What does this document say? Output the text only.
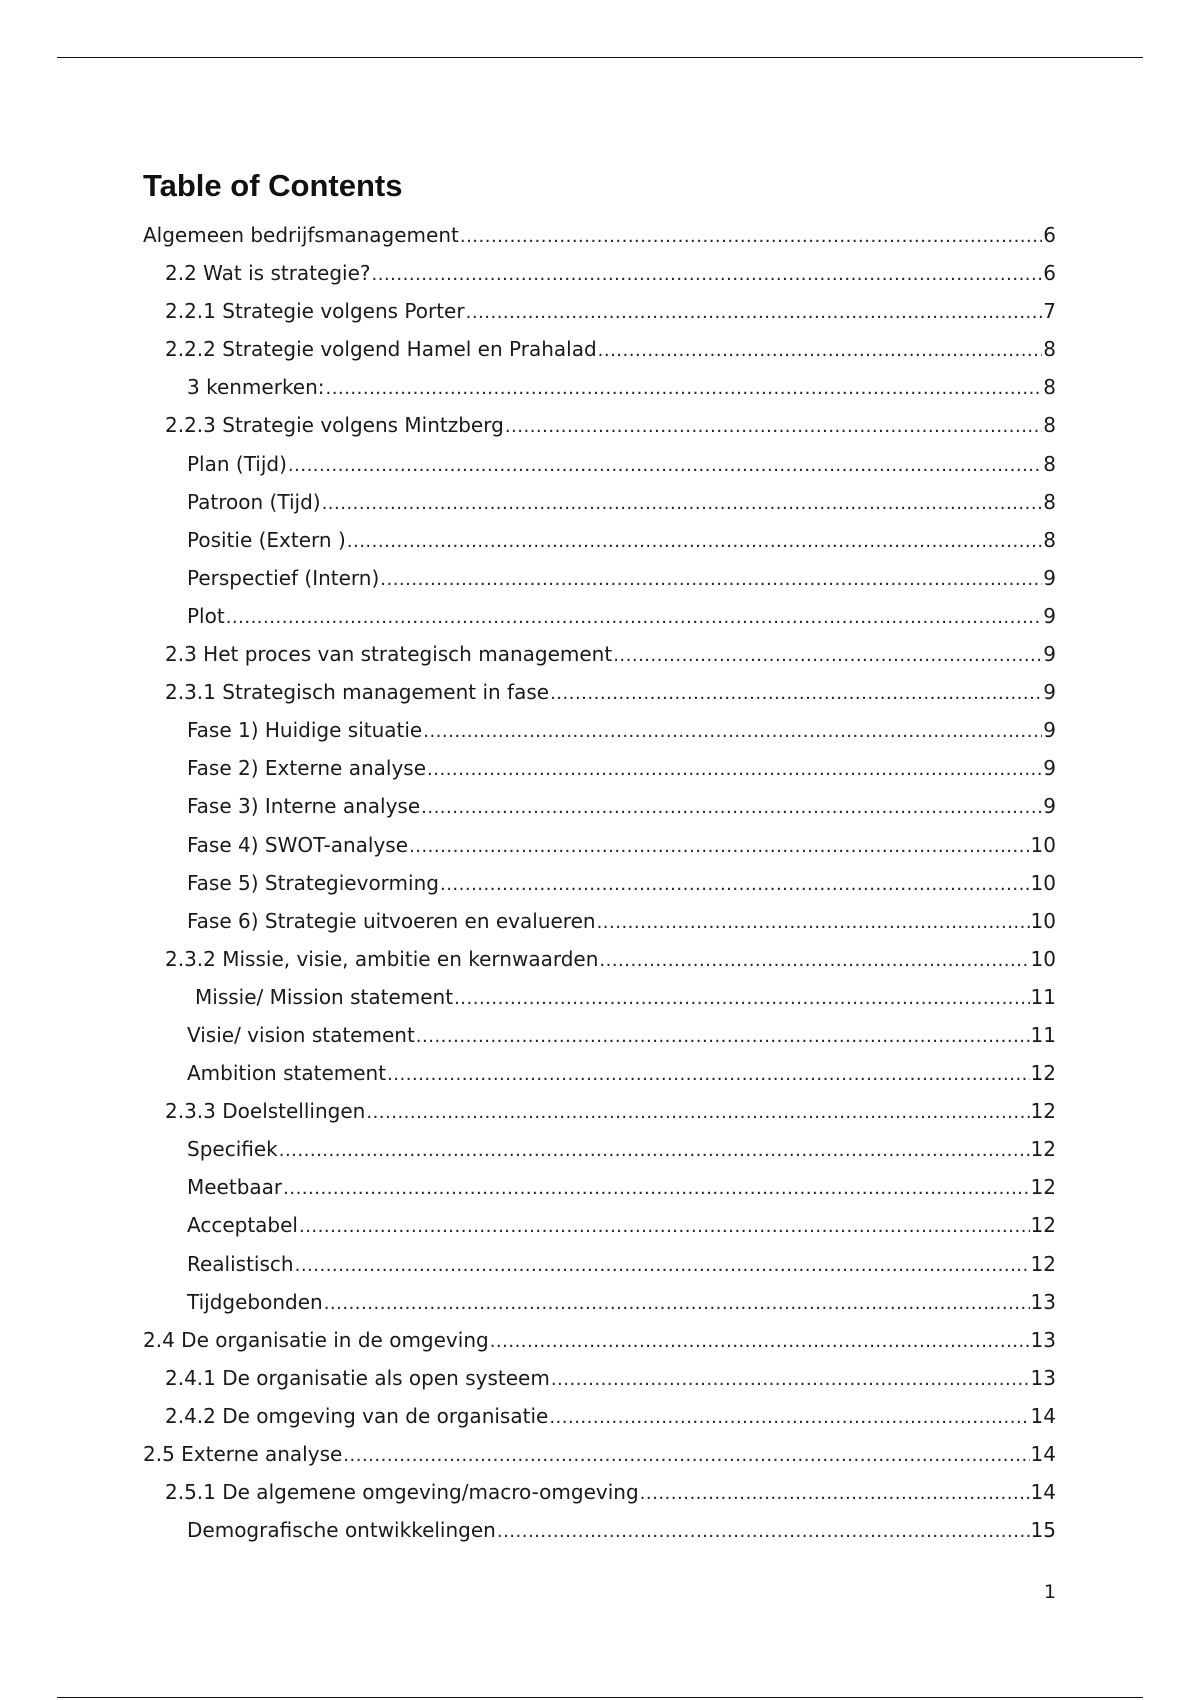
Table of Contents
Algemeen bedrijfsmanagement .....	6
2.2 Wat is strategie? .....	6
2.2.1 Strategie volgens Porter .....	7
2.2.2 Strategie volgend Hamel en Prahalad .....	8
3 kenmerken: .....	8
2.2.3 Strategie volgens Mintzberg .....	8
Plan (Tijd) .....	8
Patroon (Tijd) .....	8
Positie (Extern ) .....	8
Perspectief (Intern) .....	9
Plot .....	9
2.3 Het proces van strategisch management .....	9
2.3.1 Strategisch management in fase .....	9
Fase 1) Huidige situatie .....	9
Fase 2) Externe analyse .....	9
Fase 3) Interne analyse .....	9
Fase 4) SWOT-analyse .....	10
Fase 5) Strategievorming .....	10
Fase 6) Strategie uitvoeren en evalueren .....	10
2.3.2 Missie, visie, ambitie en kernwaarden .....	10
Missie/ Mission statement .....	11
Visie/ vision statement .....	11
Ambition statement .....	12
2.3.3 Doelstellingen .....	12
Specifiek .....	12
Meetbaar .....	12
Acceptabel .....	12
Realistisch .....	12
Tijdgebonden .....	13
2.4 De organisatie in de omgeving .....	13
2.4.1 De organisatie als open systeem .....	13
2.4.2 De omgeving van de organisatie .....	14
2.5 Externe analyse .....	14
2.5.1 De algemene omgeving/macro-omgeving .....	14
Demografische ontwikkelingen .....	15
1
